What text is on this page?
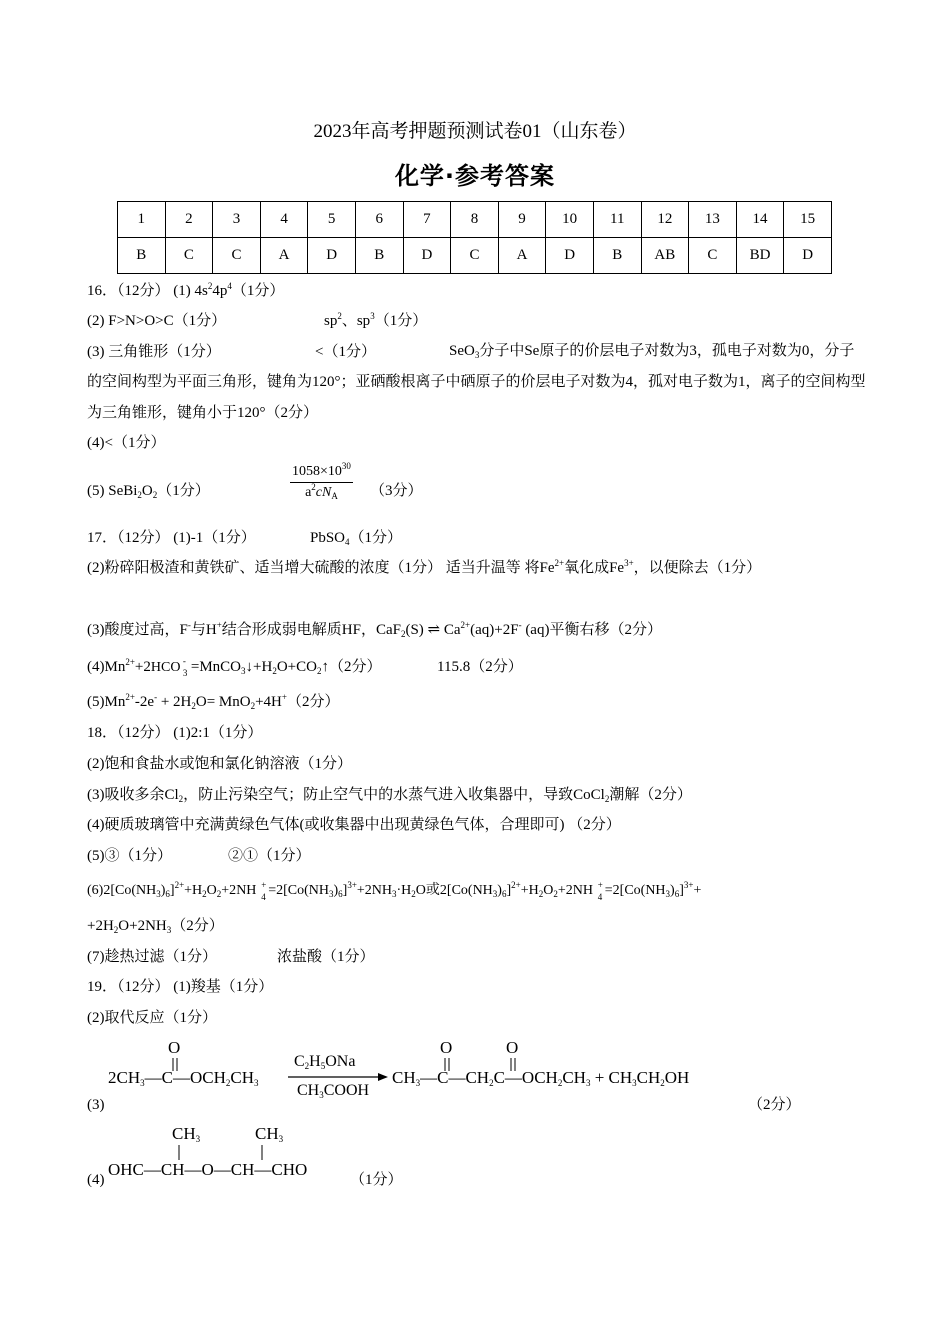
2023年高考押题预测试卷01（山东卷）
化学·参考答案
1	2	3	4	5	6	7	8	9	10	11	12	13	14	15
B	C	C	A	D	B	D	C	A	D	B	AB	C	BD	D
16．（12分） (1) $4s^24p^4(1$分）
(2) F>N>O>C（1分）	$sp^2$、$sp^3(1$分）
(3) 三角锥形（1分）	<（1分）	SeO$_3$分子中Se原子的价层电子对数为3，孤电子对数为0，分子的空间构型为平面三角形，键角为120°；亚硒酸根离子中硒原子的价层电子对数为4，孤对电子数为1，离子的空间构型为三角锥形，键角小于120°（2分）
(4)<（1分）
(5) $SeBi_2O_2(1$分）
$1058\times 10^{30}$
$a^2cN_A$	（3分）
17．（12分） (1)-1（1分）	PbSO$_4$（1分）
(2)粉碎阳极渣和黄铁矿、适当增大硫酸的浓度（1分） 适当升温等 将$Fe^{2+}$氧化成$Fe^{3+}$，以便除去（1分）
(3)酸度过高，F-与H+结合形成弱电解质HF，CaF$_2$(S) ⇌ $Ca^{2+}(aq)+2F^-$ (aq)平衡右移（2分）
$(4)Mn^{2+}+2HCO$ -
$3 =MnCO_3↓+H_2O+CO_2↑(2$分）	115.8（2分）
$(5)Mn^{2+}-2e^- + 2H_2O= MnO_2+4H^+(2$分）
18．（12分） (1)2:1（1分）
(2)饱和食盐水或饱和氯化钠溶液（1分）
(3)吸收多余$Cl_2$，防止污染空气；防止空气中的水蒸气进入收集器中，导致CoCl$_2$潮解（2分）
(4)硬质玻璃管中充满黄绿色气体(或收集器中出现黄绿色气体，合理即可) （2分）
(5)③（1分）	②①（1分）
$(6)2[Co(NH_3)_6]^{2+}+H_2O_2+2NH$ +
$4 =2[Co(NH_3)_6]^{3+}+2NH_3\cdot H_2O$或$2[Co(NH_3)_6]^{2+}+H_2O_2+2NH$ +
$4 =2[Co(NH_3)_6]^{3+}+$
$+2H_2O+2NH_3(2$分）
(7)趁热过滤（1分）	浓盐酸（1分）
19．（12分） (1)羧基（1分）
(2)取代反应（1分）
(3)
$2CH_3—C—OCH_2CH_3$
O
$C_2H_5ONa$
$CH_3COOH$
$CH_3—C—CH_2C—OCH_2CH_3 + CH_3CH_2OH$
O	O
（2分）
(4)
OHC—CH—O—CH—CHO
$CH_3$	$CH_3$
（1分）
